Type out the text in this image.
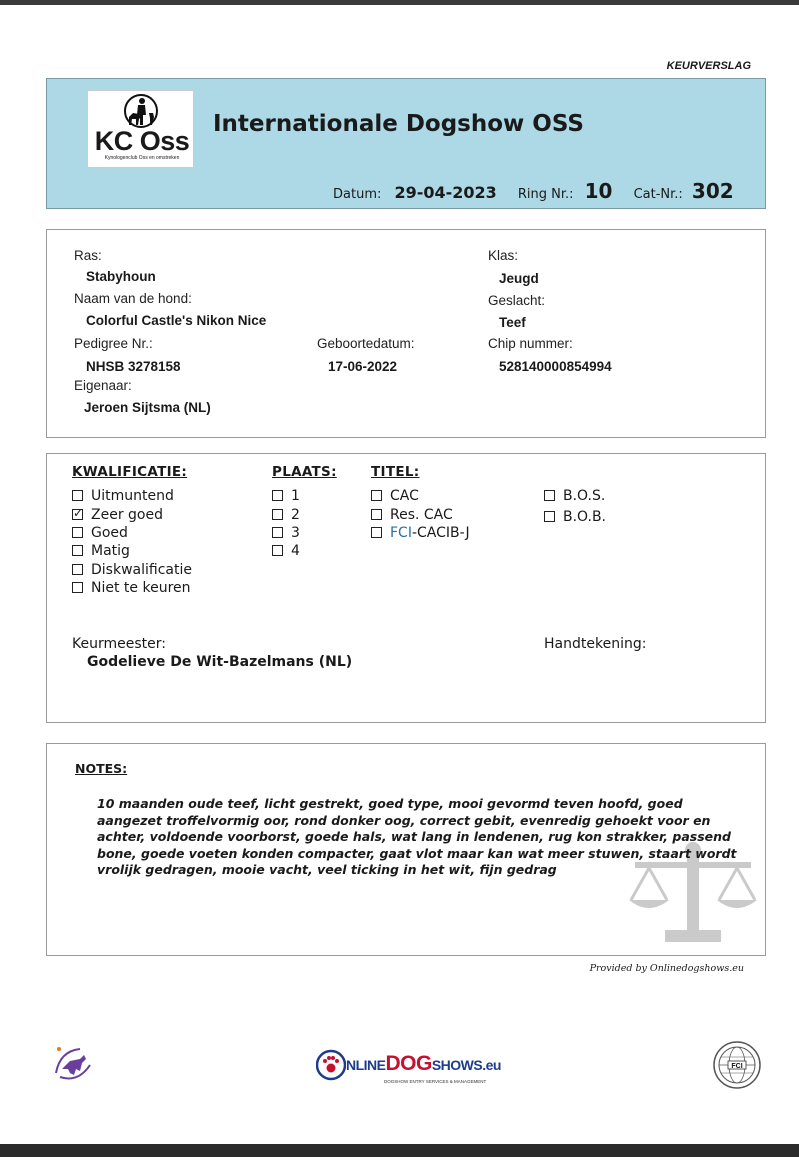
KEURVERSLAG
KC Oss
Kynologenclub Oss en omstreken
Internationale Dogshow OSS
Datum: 29-04-2023 Ring Nr.: 10 Cat-Nr.: 302
Ras:
Stabyhoun
Naam van de hond:
Colorful Castle's Nikon Nice
Pedigree Nr.:
NHSB 3278158
Geboortedatum:
17-06-2022
Eigenaar:
Jeroen Sijtsma (NL)
Klas:
Jeugd
Geslacht:
Teef
Chip nummer:
528140000854994
KWALIFICATIE:	PLAATS:	TITEL:
Uitmuntend
✓Zeer goed
Goed
Matig
Diskwalificatie
Niet te keuren
1
2
3
4
CAC
Res. CAC
FCI-CACIB-J
B.O.S.
B.O.B.
Keurmeester:
Godelieve De Wit-Bazelmans (NL)
Handtekening:
NOTES:
10 maanden oude teef, licht gestrekt, goed type, mooi gevormd teven hoofd, goed aangezet troffelvormig oor, rond donker oog, correct gebit, evenredig gehoekt voor en achter, voldoende voorborst, goede hals, wat lang in lendenen, rug kon strakker, passend bone, goede voeten konden compacter, gaat vlot maar kan wat meer stuwen, staart wordt vrolijk gedragen, mooie vacht, veel ticking in het wit, fijn gedrag
Provided by Onlinedogshows.eu
NLINEDOGSHOWS.eu
DOGSHOW ENTRY SERVICES & MANAGEMENT
FCI
